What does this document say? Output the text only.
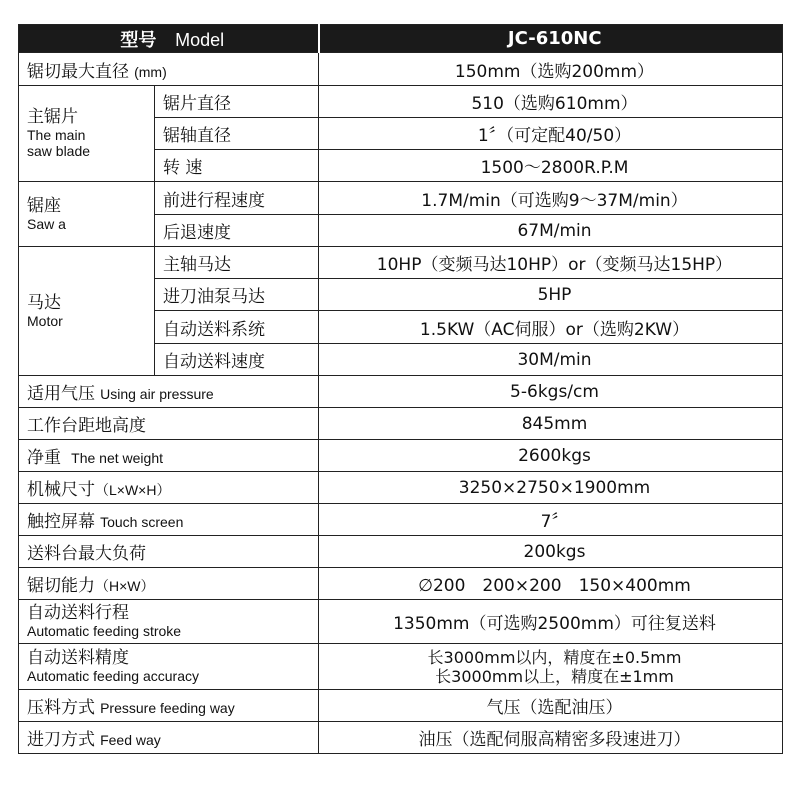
型号 Model		JC-610NC
锯切最大直径 (mm)		150mm（选购200mm）

主锯片
The main
saw blade	锯片直径	510（选购610mm）
	锯轴直径	1〞（可定配40/50）
	转 速	1500～2800R.P.M

锯座
Saw a	前进行程速度	1.7M/min（可选购9～37M/min）
	后退速度	67M/min

马达
Motor	主轴马达	10HP（变频马达10HP）or（变频马达15HP）
	进刀油泵马达	5HP
	自动送料系统	1.5KW（AC伺服）or（选购2KW）
	自动送料速度	30M/min
适用气压 Using air pressure		5-6kgs/cm
工作台距地高度		845mm
净重 The net weight		2600kgs
机械尺寸（L×W×H）		3250×2750×1900mm
触控屏幕 Touch screen		7〞
送料台最大负荷		200kgs
锯切能力（H×W）		∅200　200×200　150×400mm

自动送料行程
Automatic feeding stroke		1350mm（可选购2500mm）可往复送料

自动送料精度
Automatic feeding accuracy		长3000mm以内，精度在±0.5mm
长3000mm以上，精度在±1mm

压料方式 Pressure feeding way		气压（选配油压）
进刀方式 Feed way		油压（选配伺服高精密多段速进刀）
